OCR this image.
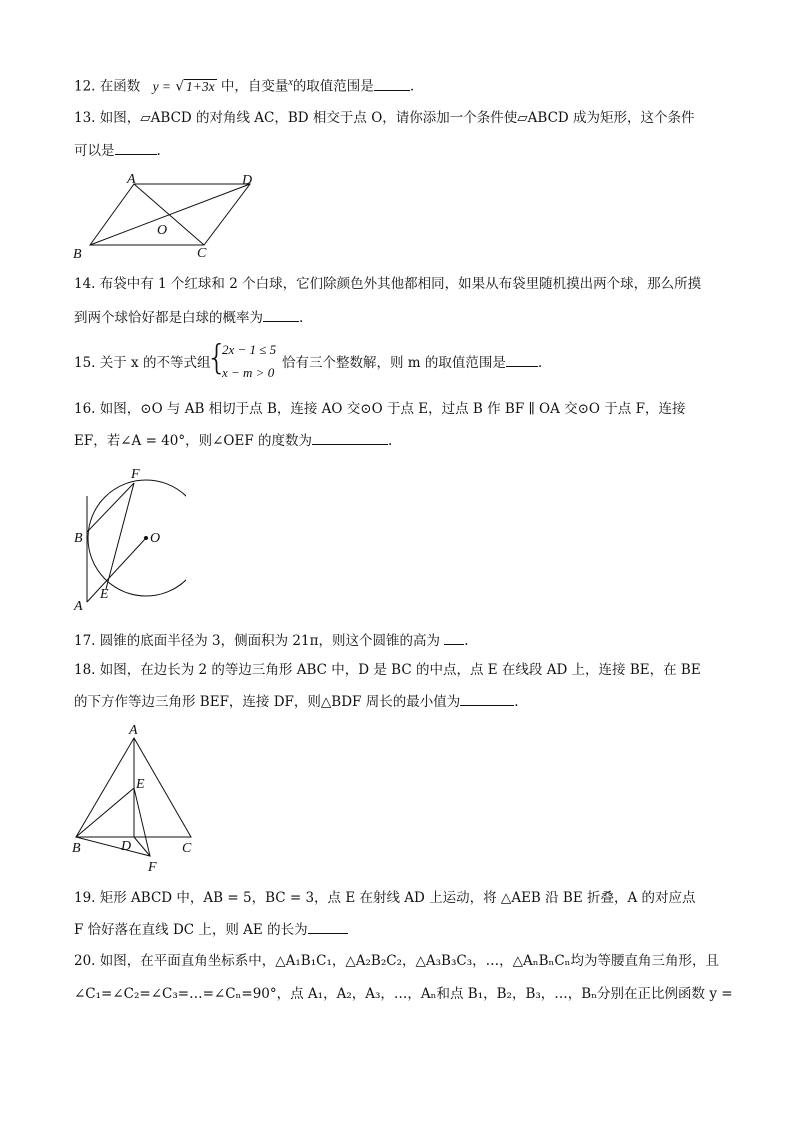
12. 在函数 y = √ 1+3x 中，自变量$^x$的取值范围是	.
13. 如图，▱ABCD 的对角线 AC，BD 相交于点 O，请你添加一个条件使▱ABCD 成为矩形，这个条件
可以是	.
A	D
B	C
O
14. 布袋中有 1 个红球和 2 个白球，它们除颜色外其他都相同，如果从布袋里随机摸出两个球，那么所摸
到两个球恰好都是白球的概率为	.
15. 关于 x 的不等式组
{
2x − 1 ≤ 5
x − m > 0
恰有三个整数解，则 m 的取值范围是 .
16. 如图，⊙O 与 AB 相切于点 B，连接 AO 交⊙O 于点 E，过点 B 作 BF ∥ OA 交⊙O 于点 F，连接
EF，若∠A = 40°，则∠OEF 的度数为	.
F
B	O
E
A
17. 圆锥的底面半径为 3，侧面积为 21π，则这个圆锥的高为 .
18. 如图，在边长为 2 的等边三角形 ABC 中，D 是 BC 的中点，点 E 在线段 AD 上，连接 BE，在 BE
的下方作等边三角形 BEF，连接 DF，则△BDF 周长的最小值为	.
A
E
B	D	C
F
19. 矩形 ABCD 中，AB = 5，BC = 3，点 E 在射线 AD 上运动，将 △AEB 沿 BE 折叠，A 的对应点
F 恰好落在直线 DC 上，则 AE 的长为
20. 如图，在平面直角坐标系中，△A₁B₁C₁，△A₂B₂C₂，△A₃B₃C₃，…，△AₙBₙCₙ均为等腰直角三角形，且
∠C₁=∠C₂=∠C₃=…=∠Cₙ=90°，点 A₁，A₂，A₃，…，Aₙ和点 B₁，B₂，B₃，…，Bₙ分别在正比例函数 y =
